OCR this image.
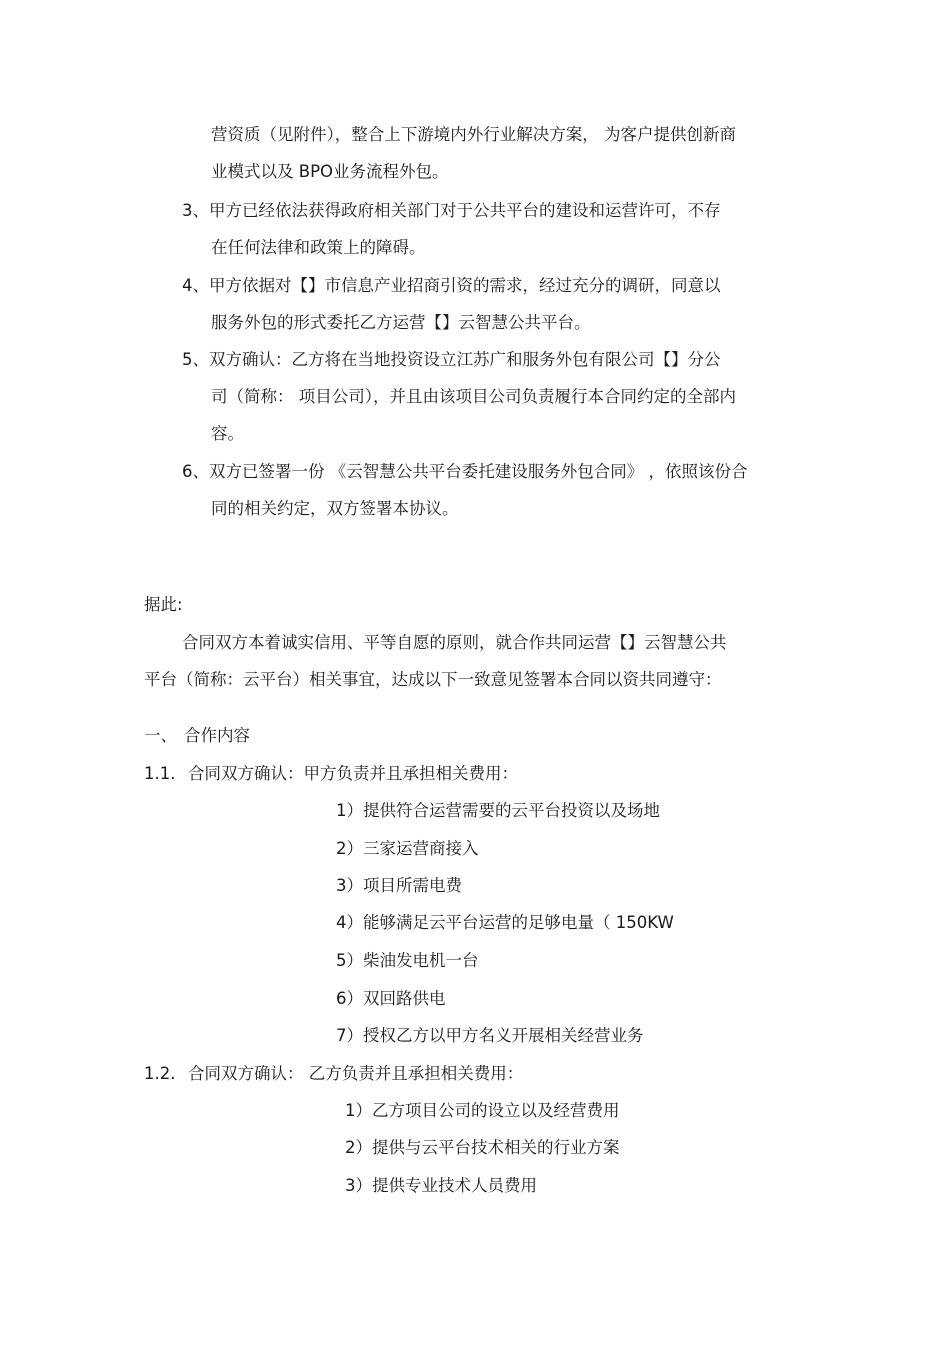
营资质（见附件），整合上下游境内外行业解决方案， 为客户提供创新商
业模式以及 BPO业务流程外包。
3、甲方已经依法获得政府相关部门对于公共平台的建设和运营许可，不存
在任何法律和政策上的障碍。
4、甲方依据对【】市信息产业招商引资的需求，经过充分的调研，同意以
服务外包的形式委托乙方运营【】云智慧公共平台。
5、双方确认：乙方将在当地投资设立江苏广和服务外包有限公司【】分公
司（简称： 项目公司），并且由该项目公司负责履行本合同约定的全部内
容。
6、双方已签署一份 《云智慧公共平台委托建设服务外包合同》 ，依照该份合
同的相关约定，双方签署本协议。
据此:
合同双方本着诚实信用、平等自愿的原则，就合作共同运营【】云智慧公共
平台（简称：云平台）相关事宜，达成以下一致意见签署本合同以资共同遵守：
一、 合作内容
1.1. 合同双方确认：甲方负责并且承担相关费用：
1）提供符合运营需要的云平台投资以及场地
2）三家运营商接入
3）项目所需电费
4）能够满足云平台运营的足够电量（ 150KW
5）柴油发电机一台
6）双回路供电
7）授权乙方以甲方名义开展相关经营业务
1.2. 合同双方确认： 乙方负责并且承担相关费用：
1）乙方项目公司的设立以及经营费用
2）提供与云平台技术相关的行业方案
3）提供专业技术人员费用
